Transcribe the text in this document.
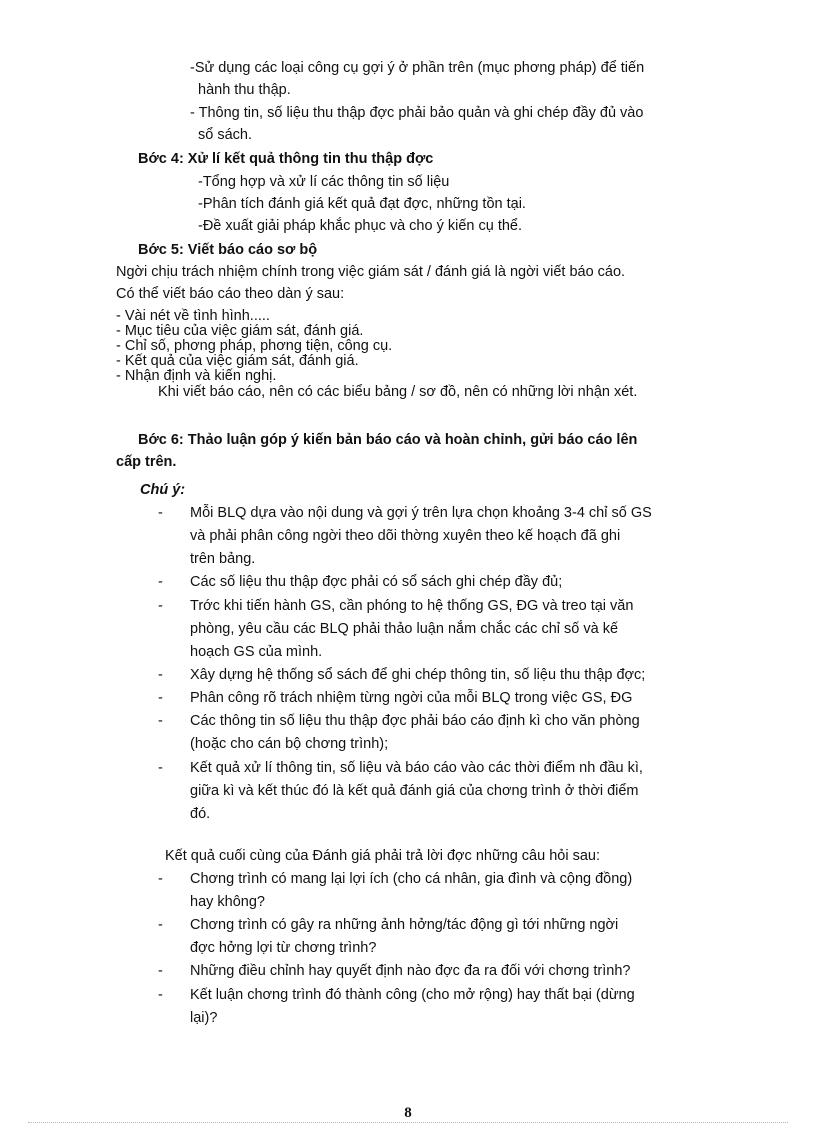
-Sử dụng các loại công cụ gợi ý ở phần trên (mục phơng pháp) để tiến
hành thu thập.
- Thông tin, số liệu thu thập đợc phải bảo quản và ghi chép đầy đủ vào
sổ sách.
Bớc 4: Xử lí kết quả thông tin thu thập đợc
-Tổng hợp và xử lí các thông tin số liệu
-Phân tích đánh giá kết quả đạt đợc, những tồn tại.
-Đề xuất giải pháp khắc phục và cho ý kiến cụ thể.
Bớc 5: Viết báo cáo sơ bộ
Ngời chịu trách nhiệm chính trong việc giám sát / đánh giá là ngời viết báo cáo.
Có thể viết báo cáo theo dàn ý sau:
- Vài nét về tình hình.....
- Mục tiêu của việc giám sát, đánh giá.
- Chỉ số, phơng pháp, phơng tiện, công cụ.
- Kết quả của việc giám sát, đánh giá.
- Nhận định và kiến nghị.
Khi viết báo cáo, nên có các biểu bảng / sơ đồ, nên có những lời nhận xét.
Bớc 6: Thảo luận góp ý kiến bản báo cáo và hoàn chỉnh, gửi báo cáo lên
cấp trên.
Chú ý:
- Mỗi BLQ dựa vào nội dung và gợi ý trên lựa chọn khoảng 3-4 chỉ số GS
và phải phân công ngời theo dõi thờng xuyên theo kế hoạch đã ghi
trên bảng.
- Các số liệu thu thập đợc phải có sổ sách ghi chép đầy đủ;
- Trớc khi tiến hành GS, cần phóng to hệ thống GS, ĐG và treo tại văn
phòng, yêu cầu các BLQ phải thảo luận nắm chắc các chỉ số và kế
hoạch GS của mình.
- Xây dựng hệ thống sổ sách để ghi chép thông tin, số liệu thu thập đợc;
- Phân công rõ trách nhiệm từng ngời của mỗi BLQ trong việc GS, ĐG
- Các thông tin số liệu thu thập đợc phải báo cáo định kì cho văn phòng
(hoặc cho cán bộ chơng trình);
- Kết quả xử lí thông tin, số liệu và báo cáo vào các thời điểm nh đầu kì,
giữa kì và kết thúc đó là kết quả đánh giá của chơng trình ở thời điểm
đó.
Kết quả cuối cùng của Đánh giá phải trả lời đợc những câu hỏi sau:
- Chơng trình có mang lại lợi ích (cho cá nhân, gia đình và cộng đồng)
hay không?
- Chơng trình có gây ra những ảnh hởng/tác động gì tới những ngời
đợc hởng lợi từ chơng trình?
- Những điều chỉnh hay quyết định nào đợc đa ra đối với chơng trình?
- Kết luận chơng trình đó thành công (cho mở rộng) hay thất bại (dừng
lại)?
8
